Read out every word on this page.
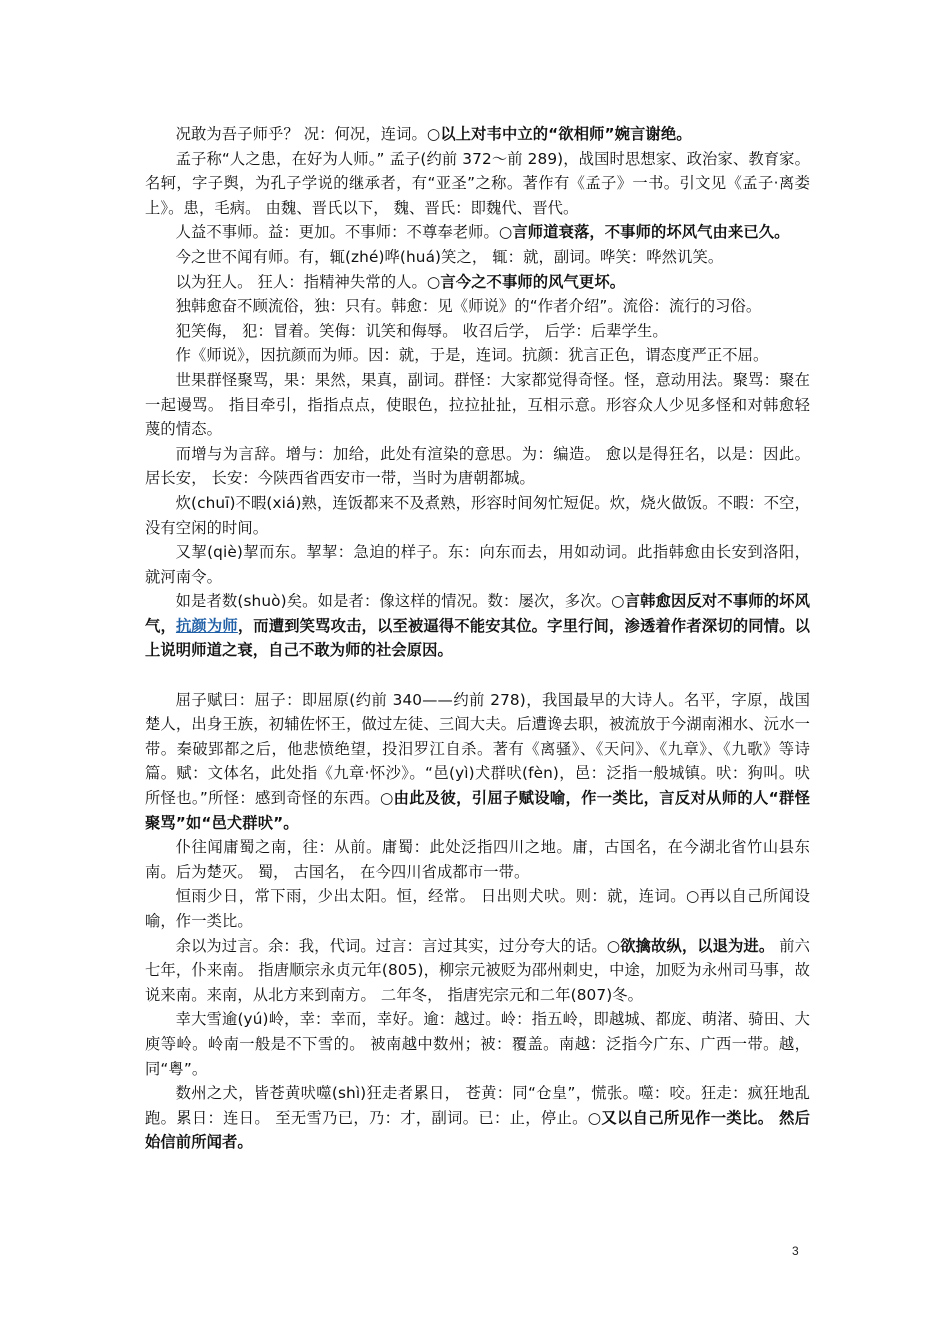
况敢为吾子师乎？ 况：何况，连词。○以上对韦中立的“欲相师”婉言谢绝。

孟子称“人之患，在好为人师。” 孟子(约前 372～前 289)，战国时思想家、政治家、教育家。名轲，字子舆，为孔子学说的继承者，有“亚圣”之称。著作有《孟子》一书。引文见《孟子·离娄上》。患，毛病。 由魏、晋氏以下， 魏、晋氏：即魏代、晋代。

人益不事师。益：更加。不事师：不尊奉老师。○言师道衰落，不事师的坏风气由来已久。

今之世不闻有师。有，辄(zhé)哗(huá)笑之， 辄：就，副词。哗笑：哗然讥笑。

以为狂人。 狂人：指精神失常的人。○言今之不事师的风气更坏。

独韩愈奋不顾流俗，独：只有。韩愈：见《师说》的“作者介绍”。流俗：流行的习俗。

犯笑侮， 犯：冒着。笑侮：讥笑和侮辱。 收召后学， 后学：后辈学生。

作《师说》，因抗颜而为师。因：就，于是，连词。抗颜：犹言正色，谓态度严正不屈。

世果群怪聚骂，果：果然，果真，副词。群怪：大家都觉得奇怪。怪，意动用法。聚骂：聚在一起谩骂。 指目牵引，指指点点，使眼色，拉拉扯扯，互相示意。形容众人少见多怪和对韩愈轻蔑的情态。

而增与为言辞。增与：加给，此处有渲染的意思。为：编造。 愈以是得狂名，以是：因此。 居长安， 长安：今陕西省西安市一带，当时为唐朝都城。

炊(chuī)不暇(xiá)熟，连饭都来不及煮熟，形容时间匆忙短促。炊，烧火做饭。不暇：不空，没有空闲的时间。

又挈(qiè)挈而东。挈挈：急迫的样子。东：向东而去，用如动词。此指韩愈由长安到洛阳，就河南令。

如是者数(shuò)矣。如是者：像这样的情况。数：屡次，多次。○言韩愈因反对不事师的坏风气，抗颜为师，而遭到笑骂攻击，以至被逼得不能安其位。字里行间，渗透着作者深切的同情。以上说明师道之衰，自己不敢为师的社会原因。

屈子赋曰：屈子：即屈原(约前 340——约前 278)，我国最早的大诗人。名平，字原，战国楚人，出身王族，初辅佐怀王，做过左徒、三闾大夫。后遭谗去职，被流放于今湖南湘水、沅水一带。秦破郢都之后，他悲愤绝望，投汨罗江自杀。著有《离骚》、《天问》、《九章》、《九歌》等诗篇。赋：文体名，此处指《九章·怀沙》。“邑(yì)犬群吠(fèn)，邑：泛指一般城镇。吠：狗叫。吠所怪也。”所怪：感到奇怪的东西。○由此及彼，引屈子赋设喻，作一类比，言反对从师的人“群怪聚骂”如“邑犬群吠”。

仆往闻庸蜀之南，往：从前。庸蜀：此处泛指四川之地。庸，古国名，在今湖北省竹山县东南。后为楚灭。 蜀， 古国名， 在今四川省成都市一带。

恒雨少日，常下雨，少出太阳。恒，经常。 日出则犬吠。则：就，连词。○再以自己所闻设喻，作一类比。

余以为过言。余：我，代词。过言：言过其实，过分夸大的话。○欲擒故纵，以退为进。 前六七年，仆来南。 指唐顺宗永贞元年(805)，柳宗元被贬为邵州刺史，中途，加贬为永州司马事，故说来南。来南，从北方来到南方。 二年冬， 指唐宪宗元和二年(807)冬。

幸大雪逾(yú)岭，幸：幸而，幸好。逾：越过。岭：指五岭，即越城、都庞、萌渚、骑田、大庾等岭。岭南一般是不下雪的。 被南越中数州；被：覆盖。南越：泛指今广东、广西一带。越，同“粤”。

数州之犬，皆苍黄吠噬(shì)狂走者累日， 苍黄：同“仓皇”，慌张。噬：咬。狂走：疯狂地乱跑。累日：连日。 至无雪乃已，乃：才，副词。已：止，停止。○又以自己所见作一类比。 然后始信前所闻者。

3
